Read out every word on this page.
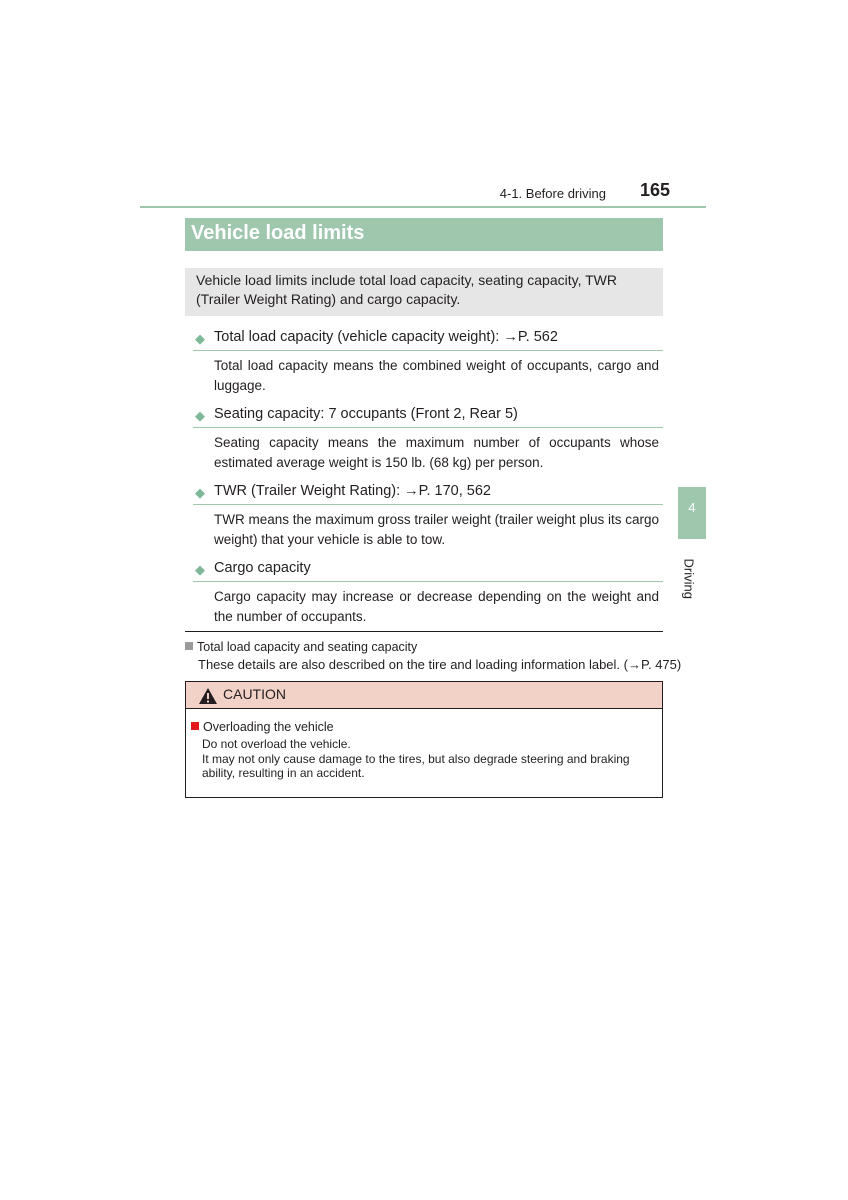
4-1. Before driving 165
Vehicle load limits
Vehicle load limits include total load capacity, seating capacity, TWR (Trailer Weight Rating) and cargo capacity.
◆ Total load capacity (vehicle capacity weight): →P. 562
Total load capacity means the combined weight of occupants, cargo and luggage.
◆ Seating capacity: 7 occupants (Front 2, Rear 5)
Seating capacity means the maximum number of occupants whose estimated average weight is 150 lb. (68 kg) per person.
◆ TWR (Trailer Weight Rating): →P. 170, 562
TWR means the maximum gross trailer weight (trailer weight plus its cargo weight) that your vehicle is able to tow.
◆ Cargo capacity
Cargo capacity may increase or decrease depending on the weight and the number of occupants.
Total load capacity and seating capacity
These details are also described on the tire and loading information label. (→P. 475)
CAUTION
Overloading the vehicle
Do not overload the vehicle.
It may not only cause damage to the tires, but also degrade steering and braking ability, resulting in an accident.
4
Driving
